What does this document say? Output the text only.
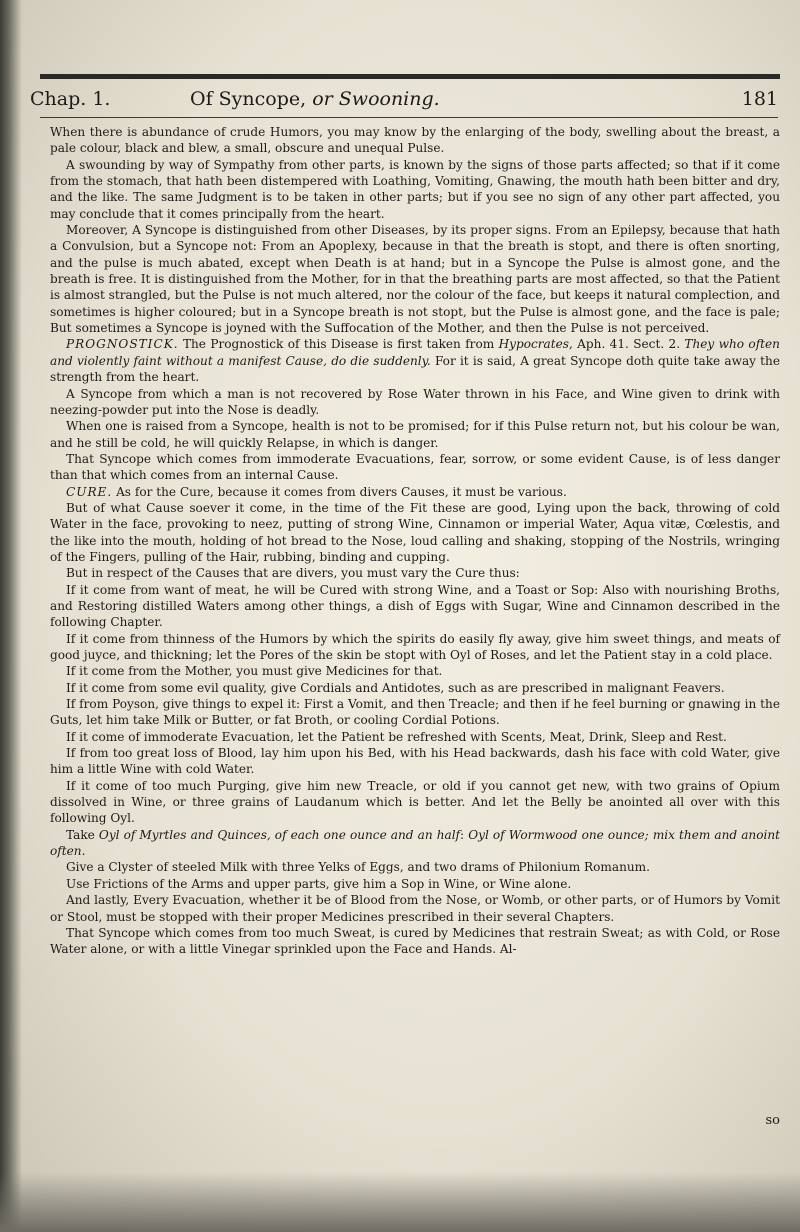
Chap. 1.	Of Syncope, or Swooning.	181

When there is abundance of crude Humors, you may know by the enlarging of the body, swelling about the breast, a pale colour, black and blew, a small, obscure and unequal Pulse.

A swounding by way of Sympathy from other parts, is known by the signs of those parts affected; so that if it come from the stomach, that hath been distempered with Loathing, Vomiting, Gnawing, the mouth hath been bitter and dry, and the like. The same Judgment is to be taken in other parts; but if you see no sign of any other part affected, you may conclude that it comes principally from the heart.

Moreover, A Syncope is distinguished from other Diseases, by its proper signs. From an Epilepsy, because that hath a Convulsion, but a Syncope not: From an Apoplexy, because in that the breath is stopt, and there is often snorting, and the pulse is much abated, except when Death is at hand; but in a Syncope the Pulse is almost gone, and the breath is free. It is distinguished from the Mother, for in that the breathing parts are most affected, so that the Patient is almost strangled, but the Pulse is not much altered, nor the colour of the face, but keeps it natural complection, and sometimes is higher coloured; but in a Syncope breath is not stopt, but the Pulse is almost gone, and the face is pale; But sometimes a Syncope is joyned with the Suffocation of the Mother, and then the Pulse is not perceived.

PROGNOSTICK. The Prognostick of this Disease is first taken from Hypocrates, Aph. 41. Sect. 2. They who often and violently faint without a manifest Cause, do die suddenly. For it is said, A great Syncope doth quite take away the strength from the heart.

A Syncope from which a man is not recovered by Rose Water thrown in his Face, and Wine given to drink with neezing-powder put into the Nose is deadly.

When one is raised from a Syncope, health is not to be promised; for if this Pulse return not, but his colour be wan, and he still be cold, he will quickly Relapse, in which is danger.

That Syncope which comes from immoderate Evacuations, fear, sorrow, or some evident Cause, is of less danger than that which comes from an internal Cause.

CURE. As for the Cure, because it comes from divers Causes, it must be various.

But of what Cause soever it come, in the time of the Fit these are good, Lying upon the back, throwing of cold Water in the face, provoking to neez, putting of strong Wine, Cinnamon or imperial Water, Aqua vitæ, Cœlestis, and the like into the mouth, holding of hot bread to the Nose, loud calling and shaking, stopping of the Nostrils, wringing of the Fingers, pulling of the Hair, rubbing, binding and cupping.

But in respect of the Causes that are divers, you must vary the Cure thus:

If it come from want of meat, he will be Cured with strong Wine, and a Toast or Sop: Also with nourishing Broths, and Restoring distilled Waters among other things, a dish of Eggs with Sugar, Wine and Cinnamon described in the following Chapter.

If it come from thinness of the Humors by which the spirits do easily fly away, give him sweet things, and meats of good juyce, and thickning; let the Pores of the skin be stopt with Oyl of Roses, and let the Patient stay in a cold place.

If it come from the Mother, you must give Medicines for that.

If it come from some evil quality, give Cordials and Antidotes, such as are prescribed in malignant Feavers.

If from Poyson, give things to expel it: First a Vomit, and then Treacle; and then if he feel burning or gnawing in the Guts, let him take Milk or Butter, or fat Broth, or cooling Cordial Potions.

If it come of immoderate Evacuation, let the Patient be refreshed with Scents, Meat, Drink, Sleep and Rest.

If from too great loss of Blood, lay him upon his Bed, with his Head backwards, dash his face with cold Water, give him a little Wine with cold Water.

If it come of too much Purging, give him new Treacle, or old if you cannot get new, with two grains of Opium dissolved in Wine, or three grains of Laudanum which is better. And let the Belly be anointed all over with this following Oyl.

Take Oyl of Myrtles and Quinces, of each one ounce and an half: Oyl of Wormwood one ounce; mix them and anoint often.

Give a Clyster of steeled Milk with three Yelks of Eggs, and two drams of Philonium Romanum.

Use Frictions of the Arms and upper parts, give him a Sop in Wine, or Wine alone.

And lastly, Every Evacuation, whether it be of Blood from the Nose, or Womb, or other parts, or of Humors by Vomit or Stool, must be stopped with their proper Medicines prescribed in their several Chapters.

That Syncope which comes from too much Sweat, is cured by Medicines that restrain Sweat; as with Cold, or Rose Water alone, or with a little Vinegar sprinkled upon the Face and Hands. Al-

so
